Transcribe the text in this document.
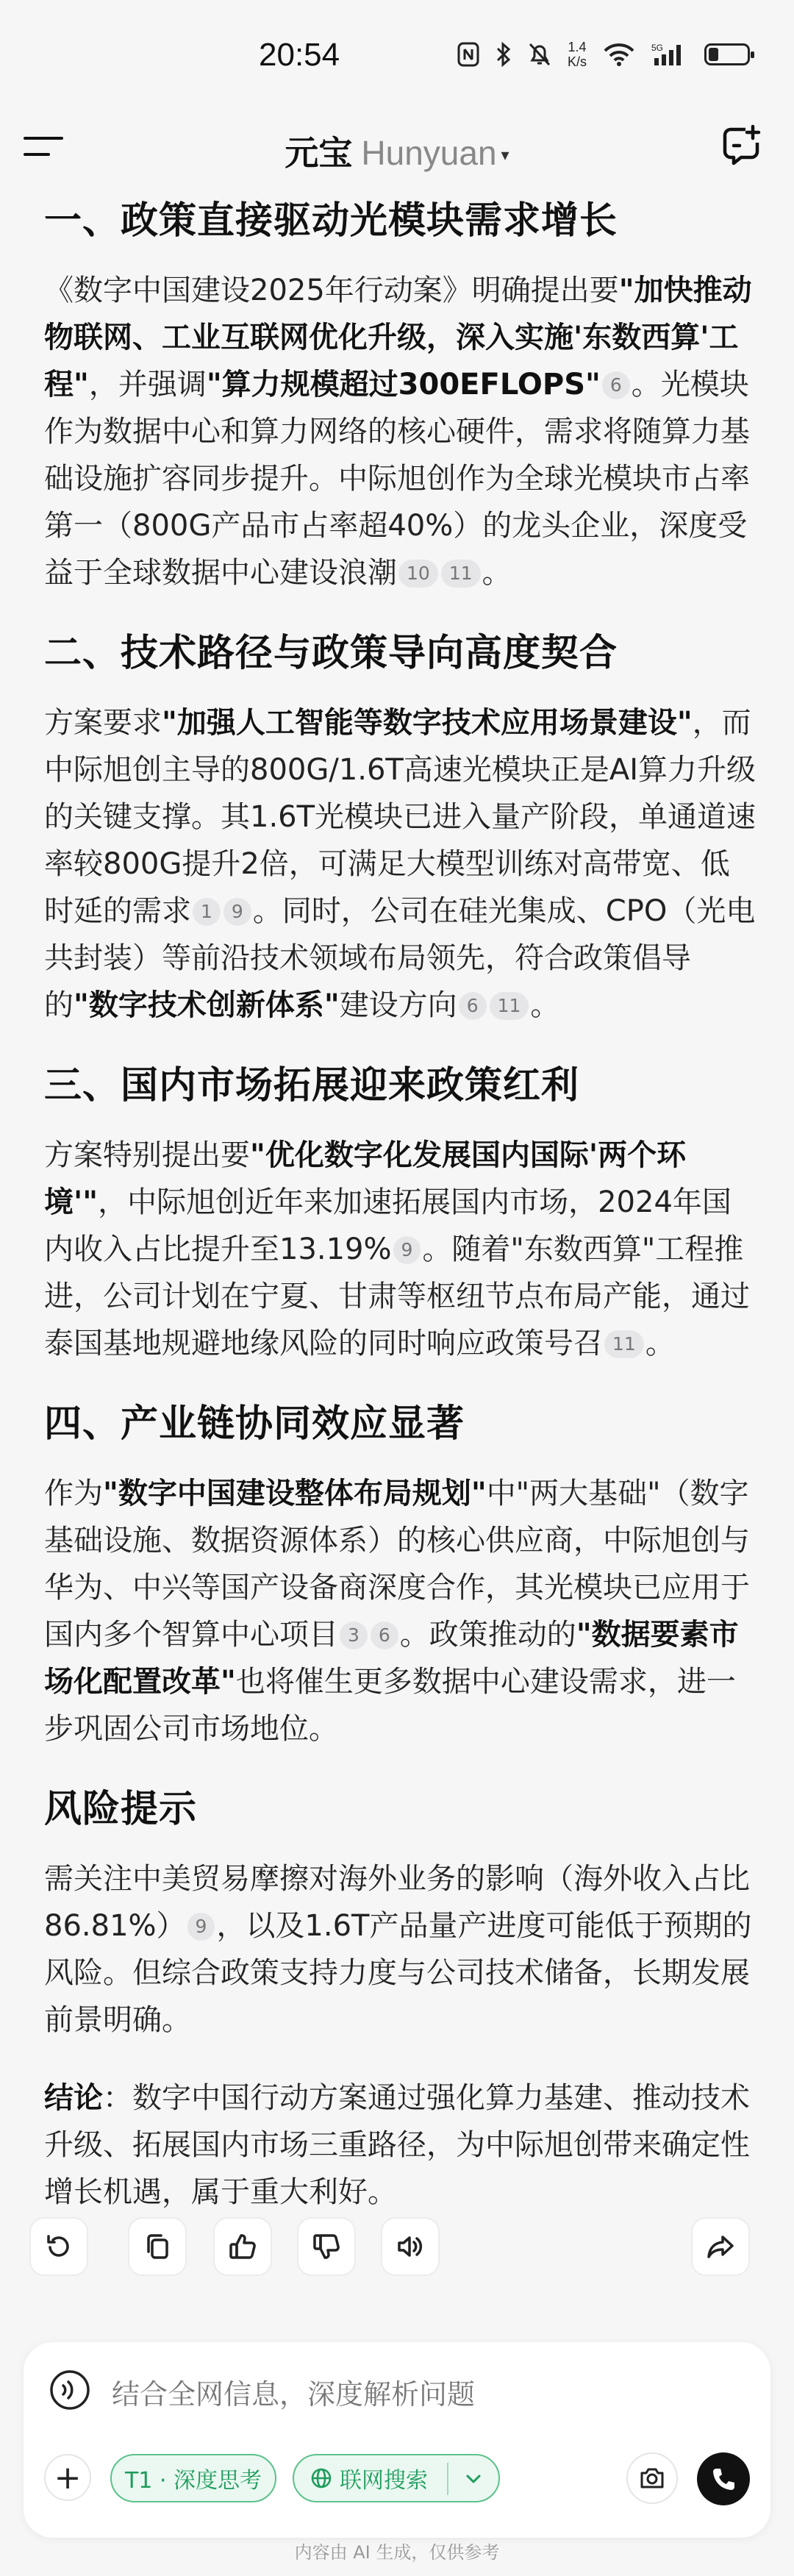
20:54	1.4
K/s
5G
元宝 Hunyuan ▾
一、政策直接驱动光模块需求增长

《数字中国建设2025年行动案》明确提出要"加快推动物联网、工业互联网优化升级，深入实施'东数西算'工程"，并强调"算力规模超过300EFLOPS" 6 。光模块作为数据中心和算力网络的核心硬件，需求将随算力基础设施扩容同步提升。中际旭创作为全球光模块市占率第一（800G产品市占率超40%）的龙头企业，深度受益于全球数据中心建设浪潮 10 11 。

二、技术路径与政策导向高度契合

方案要求"加强人工智能等数字技术应用场景建设"，而中际旭创主导的800G/1.6T高速光模块正是AI算力升级的关键支撑。其1.6T光模块已进入量产阶段，单通道速率较800G提升2倍，可满足大模型训练对高带宽、低时延的需求 1 9 。同时，公司在硅光集成、CPO（光电共封装）等前沿技术领域布局领先，符合政策倡导的"数字技术创新体系"建设方向 6 11 。

三、国内市场拓展迎来政策红利

方案特别提出要"优化数字化发展国内国际'两个环境'"，中际旭创近年来加速拓展国内市场，2024年国内收入占比提升至13.19% 9 。随着"东数西算"工程推进，公司计划在宁夏、甘肃等枢纽节点布局产能，通过泰国基地规避地缘风险的同时响应政策号召 11 。

四、产业链协同效应显著

作为"数字中国建设整体布局规划"中"两大基础"（数字基础设施、数据资源体系）的核心供应商，中际旭创与华为、中兴等国产设备商深度合作，其光模块已应用于国内多个智算中心项目 3 6 。政策推动的"数据要素市场化配置改革"也将催生更多数据中心建设需求，进一步巩固公司市场地位。

风险提示

需关注中美贸易摩擦对海外业务的影响（海外收入占比86.81%） 9 ，以及1.6T产品量产进度可能低于预期的风险。但综合政策支持力度与公司技术储备，长期发展前景明确。

结论：数字中国行动方案通过强化算力基建、推动技术升级、拓展国内市场三重路径，为中际旭创带来确定性增长机遇，属于重大利好。

结合全网信息，深度解析问题
+	T1 · 深度思考	联网搜索
内容由 AI 生成，仅供参考
